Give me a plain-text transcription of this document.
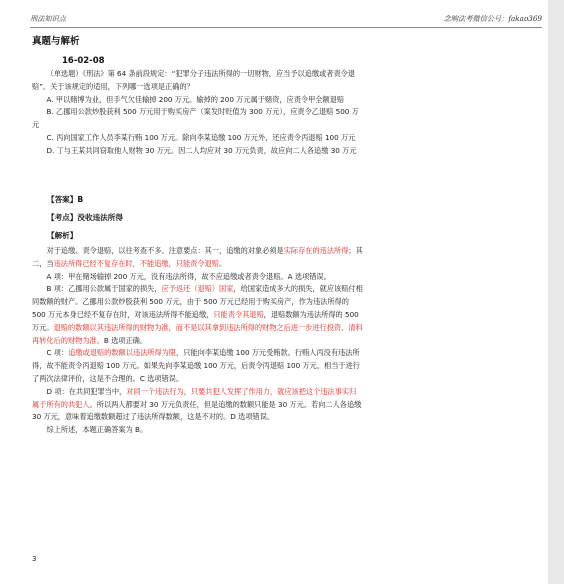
刑法知识点	念响法考微信公号：fakao369
真题与解析
16-02-08

（单选题）《刑法》第 64 条前段规定：“犯罪分子违法所得的一切财物，应当予以追缴或者责令退赔”。关于该规定的适用，下列哪一选项是正确的？

A. 甲以赌博为业，但手气欠佳输掉 200 万元。输掉的 200 万元属于赌资，应责令甲全额退赔

B. 乙挪用公款炒股获利 500 万元用于购买房产（案发时贬值为 300 万元），应责令乙退赔 500 万元

C. 丙向国家工作人员李某行贿 100 万元。除向李某追缴 100 万元外，还应责令丙退赔 100 万元

D. 丁与王某共同窃取他人财物 30 万元。因二人均应对 30 万元负责，故应向二人各追缴 30 万元

【答案】B
【考点】没收违法所得
【解析】

对于追缴、责令退赔，以往考查不多。注意要点：其一，追缴的对象必须是实际存在的违法所得；其二，当违法所得已经不复存在时，不能追缴，只能责令退赔。

A 项：甲在赌场输掉 200 万元，没有违法所得，故不应追缴或者责令退赔。A 选项错误。

B 项：乙挪用公款属于国家的损失，应予返还（退赔）国家，给国家造成多大的损失，就应该赔付相同数额的财产。乙挪用公款炒股获利 500 万元，由于 500 万元已经用于购买房产，作为违法所得的 500 万元本身已经不复存在时，对该违法所得不能追缴，只能责令其退赔，退赔数额为违法所得的 500 万元。退赔的数额以其违法所得的财物为准，而不是以其拿到违法所得的财物之后进一步进行投资、清料再转化后的财物为准。B 选项正确。

C 项：追缴或退赔的数额以违法所得为限，只能向李某追缴 100 万元受贿款。行贿人丙没有违法所得，故不能责令丙退赔 100 万元。如果先向李某追缴 100 万元，后责令丙退赔 100 万元，相当于进行了两次法律评价，这是不合理的。C 选项错误。

D 项：在共同犯罪当中，对同一个违法行为，只要共犯人发挥了作用力，就应该把这个违法事实归属于所有的共犯人。所以两人都要对 30 万元负责任，但是追缴的数额只能是 30 万元。若向二人各追缴 30 万元，意味着追缴数额超过了违法所得数额，这是不对的。D 选项错误。

综上所述，本题正确答案为 B。

3
